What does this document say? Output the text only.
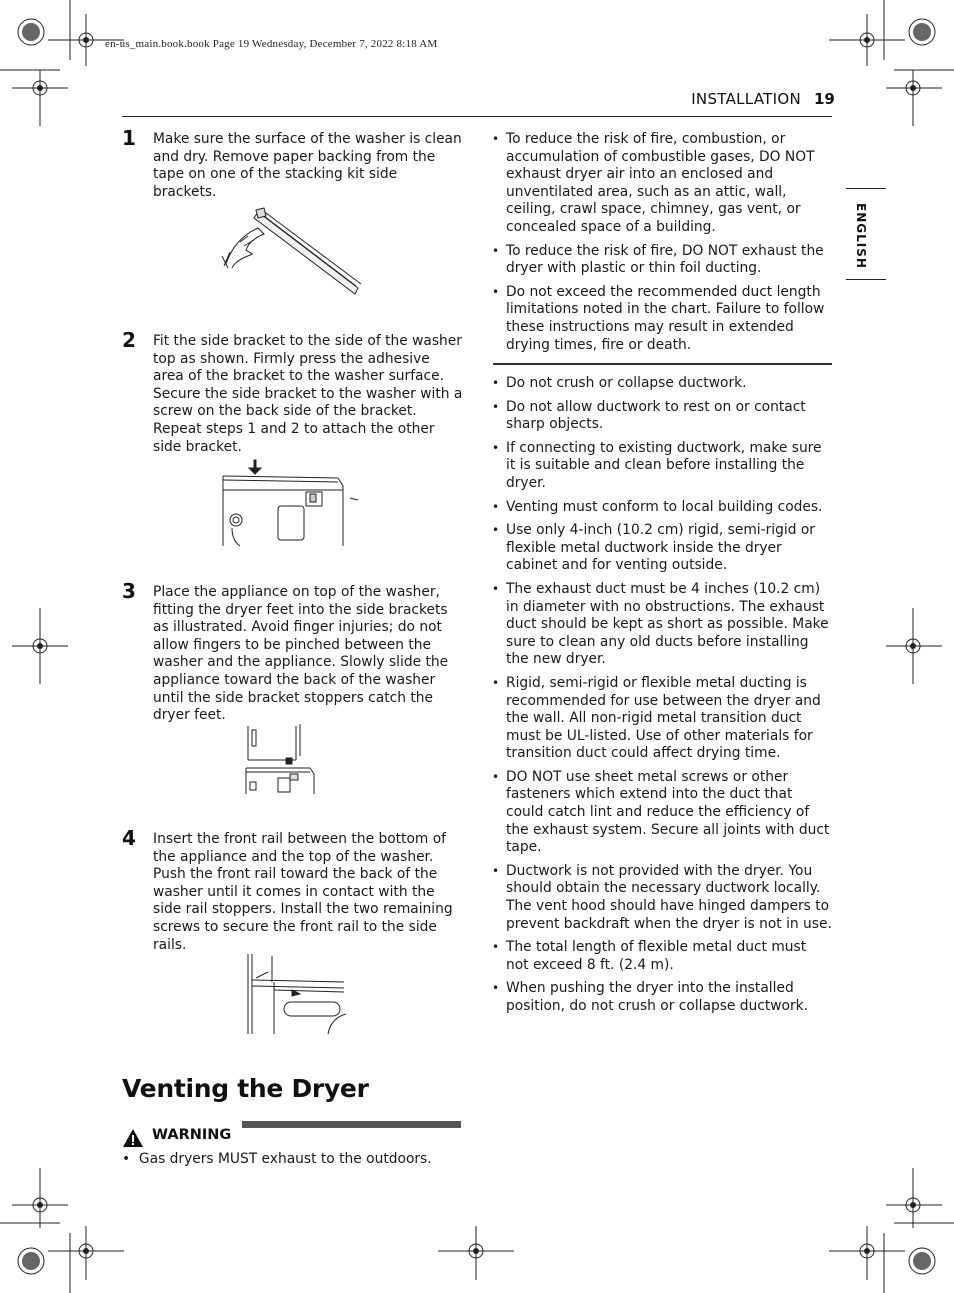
en-us_main.book.book Page 19 Wednesday, December 7, 2022 8:18 AM
INSTALLATION 19
ENGLISH
1 Make sure the surface of the washer is clean and dry. Remove paper backing from the tape on one of the stacking kit side brackets.
2 Fit the side bracket to the side of the washer top as shown. Firmly press the adhesive area of the bracket to the washer surface. Secure the side bracket to the washer with a screw on the back side of the bracket. Repeat steps 1 and 2 to attach the other side bracket.
3 Place the appliance on top of the washer, fitting the dryer feet into the side brackets as illustrated. Avoid finger injuries; do not allow fingers to be pinched between the washer and the appliance. Slowly slide the appliance toward the back of the washer until the side bracket stoppers catch the dryer feet.
4 Insert the front rail between the bottom of the appliance and the top of the washer. Push the front rail toward the back of the washer until it comes in contact with the side rail stoppers. Install the two remaining screws to secure the front rail to the side rails.
Venting the Dryer
WARNING
•  Gas dryers MUST exhaust to the outdoors.
• To reduce the risk of fire, combustion, or accumulation of combustible gases, DO NOT exhaust dryer air into an enclosed and unventilated area, such as an attic, wall, ceiling, crawl space, chimney, gas vent, or concealed space of a building.
• To reduce the risk of fire, DO NOT exhaust the dryer with plastic or thin foil ducting.
• Do not exceed the recommended duct length limitations noted in the chart. Failure to follow these instructions may result in extended drying times, fire or death.
• Do not crush or collapse ductwork.
• Do not allow ductwork to rest on or contact sharp objects.
• If connecting to existing ductwork, make sure it is suitable and clean before installing the dryer.
• Venting must conform to local building codes.
• Use only 4-inch (10.2 cm) rigid, semi-rigid or flexible metal ductwork inside the dryer cabinet and for venting outside.
• The exhaust duct must be 4 inches (10.2 cm) in diameter with no obstructions. The exhaust duct should be kept as short as possible. Make sure to clean any old ducts before installing the new dryer.
• Rigid, semi-rigid or flexible metal ducting is recommended for use between the dryer and the wall. All non-rigid metal transition duct must be UL-listed. Use of other materials for transition duct could affect drying time.
• DO NOT use sheet metal screws or other fasteners which extend into the duct that could catch lint and reduce the efficiency of the exhaust system. Secure all joints with duct tape.
• Ductwork is not provided with the dryer. You should obtain the necessary ductwork locally. The vent hood should have hinged dampers to prevent backdraft when the dryer is not in use.
• The total length of flexible metal duct must not exceed 8 ft. (2.4 m).
• When pushing the dryer into the installed position, do not crush or collapse ductwork.
